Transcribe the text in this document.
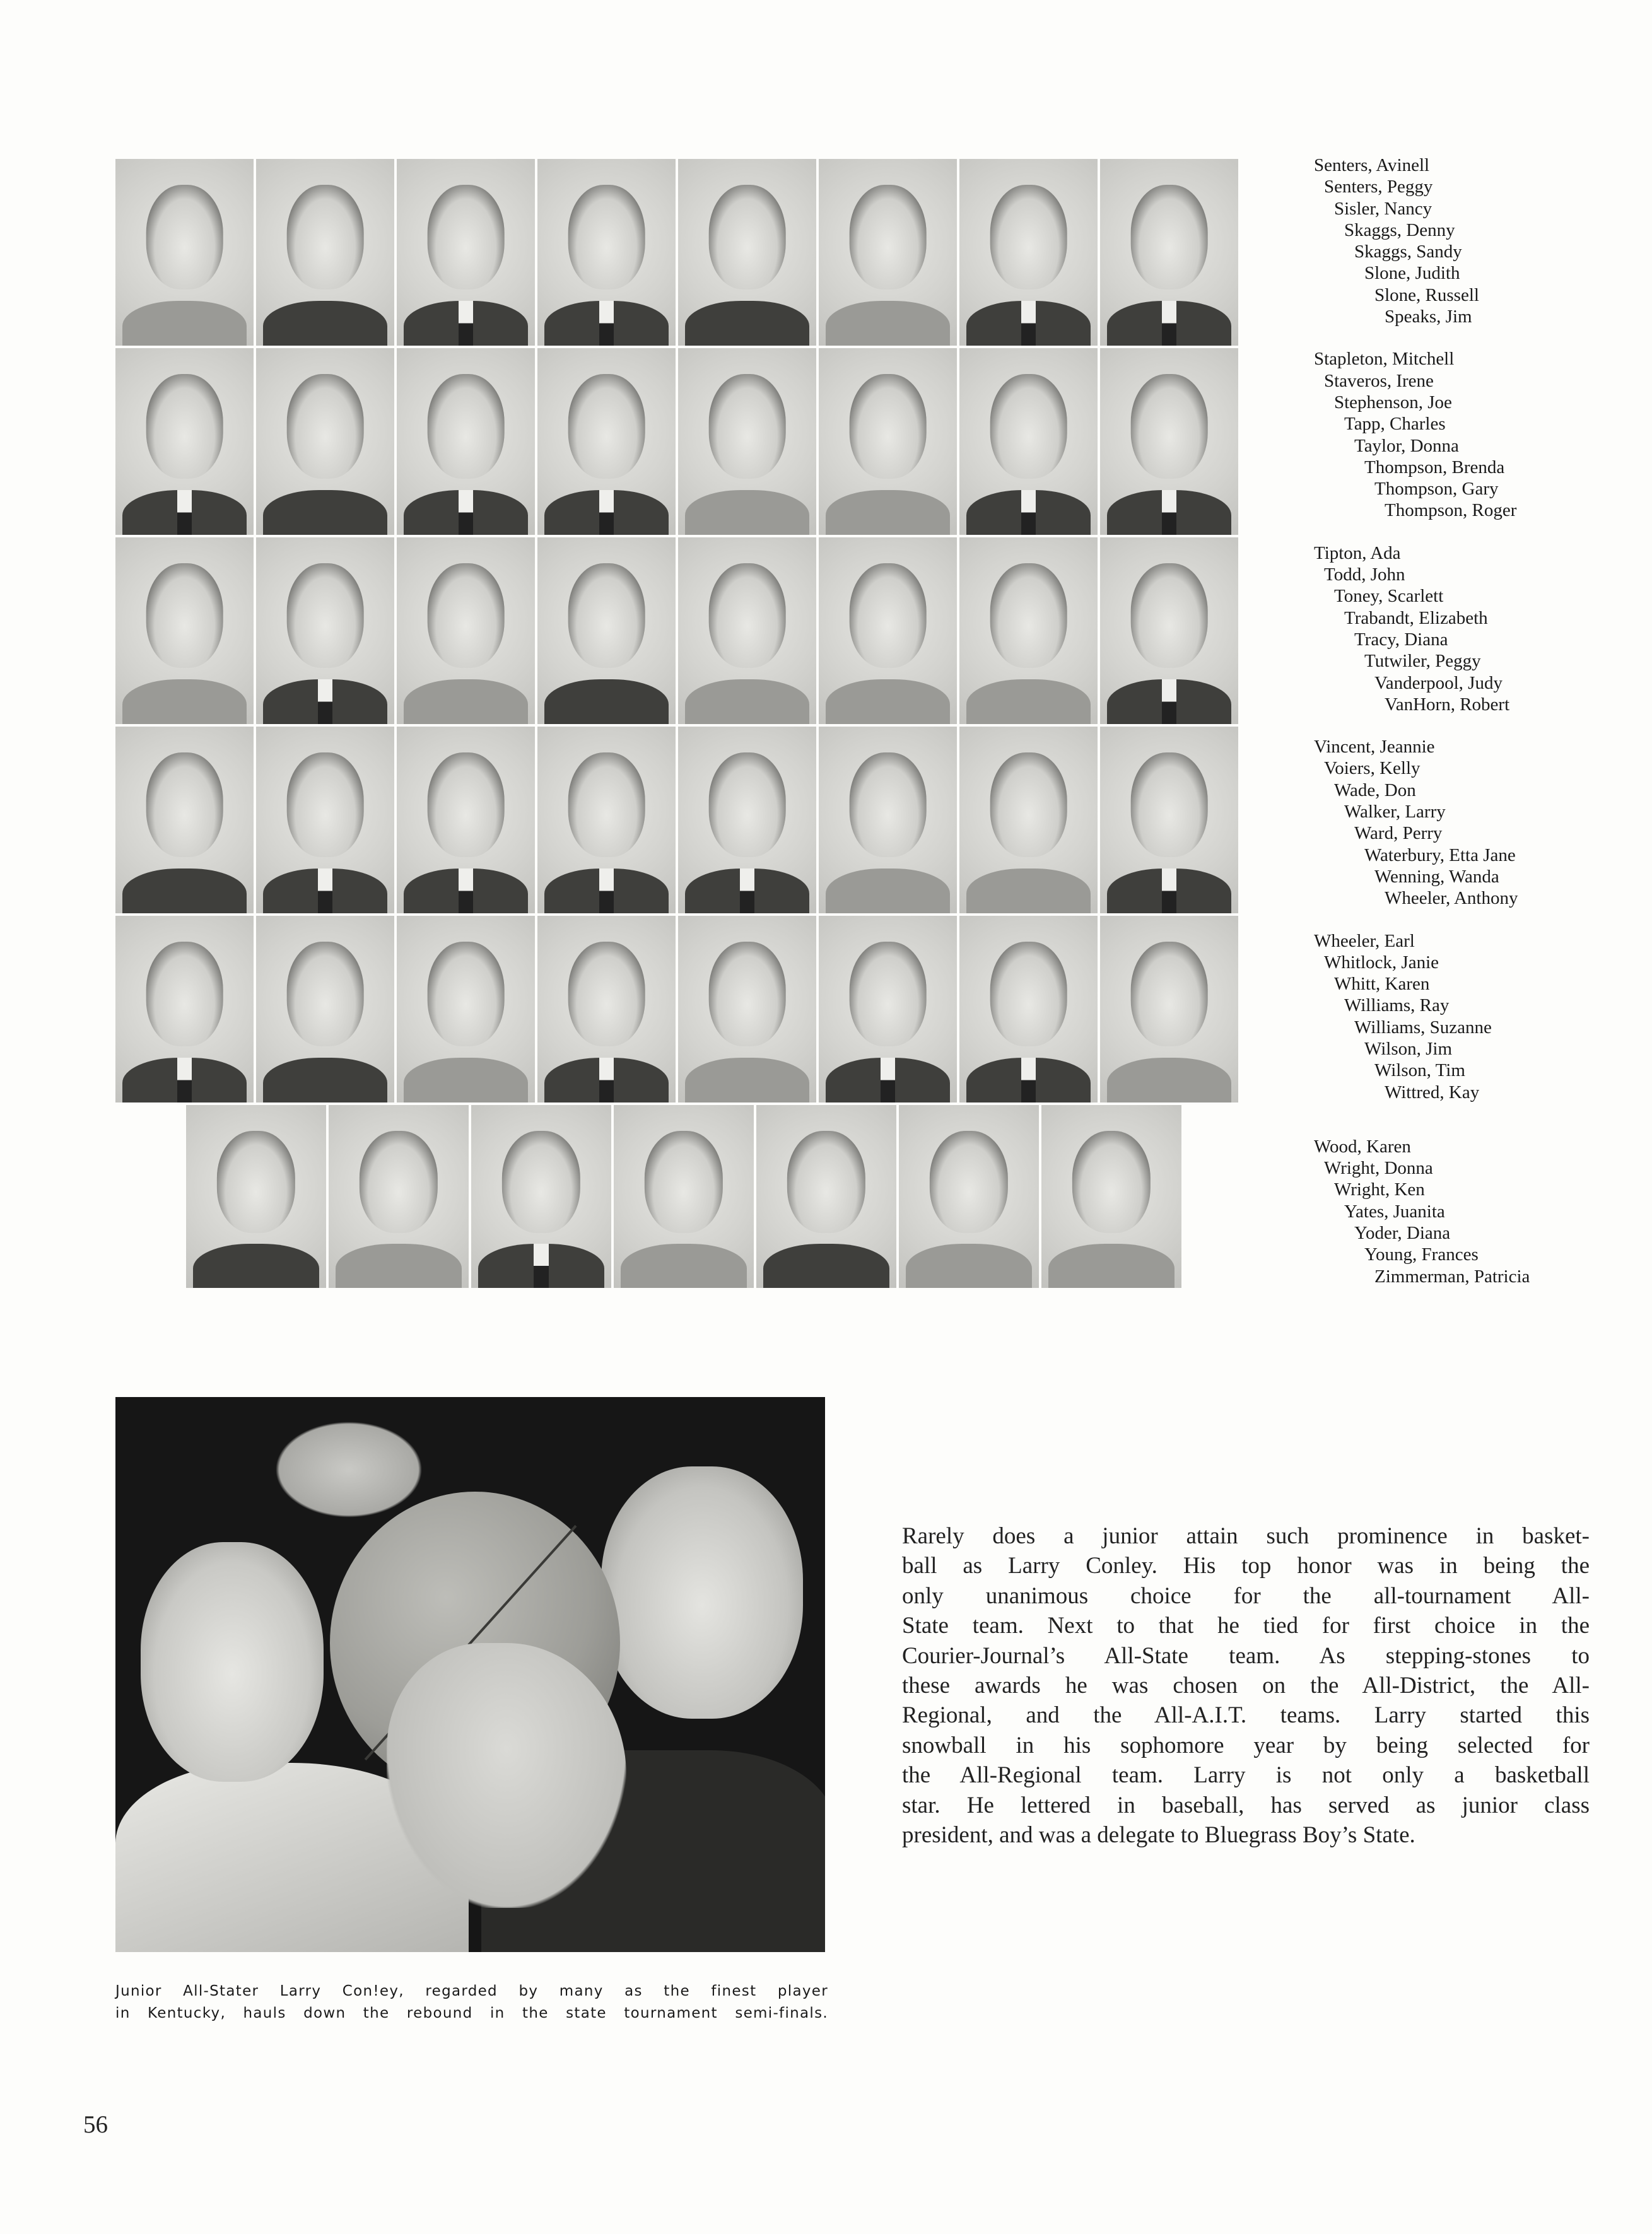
Senters, Avinell
Senters, Peggy
Sisler, Nancy
Skaggs, Denny
Skaggs, Sandy
Slone, Judith
Slone, Russell
Speaks, Jim
Stapleton, Mitchell
Staveros, Irene
Stephenson, Joe
Tapp, Charles
Taylor, Donna
Thompson, Brenda
Thompson, Gary
Thompson, Roger
Tipton, Ada
Todd, John
Toney, Scarlett
Trabandt, Elizabeth
Tracy, Diana
Tutwiler, Peggy
Vanderpool, Judy
VanHorn, Robert
Vincent, Jeannie
Voiers, Kelly
Wade, Don
Walker, Larry
Ward, Perry
Waterbury, Etta Jane
Wenning, Wanda
Wheeler, Anthony
Wheeler, Earl
Whitlock, Janie
Whitt, Karen
Williams, Ray
Williams, Suzanne
Wilson, Jim
Wilson, Tim
Wittred, Kay
Wood, Karen
Wright, Donna
Wright, Ken
Yates, Juanita
Yoder, Diana
Young, Frances
Zimmerman, Patricia
Junior All-Stater Larry Con!ey, regarded by many as the finest player
in Kentucky, hauls down the rebound in the state tournament semi-finals.
Rarely does a junior attain such prominence in basket-
ball as Larry Conley. His top honor was in being the
only unanimous choice for the all-tournament All-
State team. Next to that he tied for first choice in the
Courier-Journal’s All-State team. As stepping-stones to
these awards he was chosen on the All-District, the All-
Regional, and the All-A.I.T. teams. Larry started this
snowball in his sophomore year by being selected for
the All-Regional team. Larry is not only a basketball
star. He lettered in baseball, has served as junior class
president, and was a delegate to Bluegrass Boy’s State.
56
